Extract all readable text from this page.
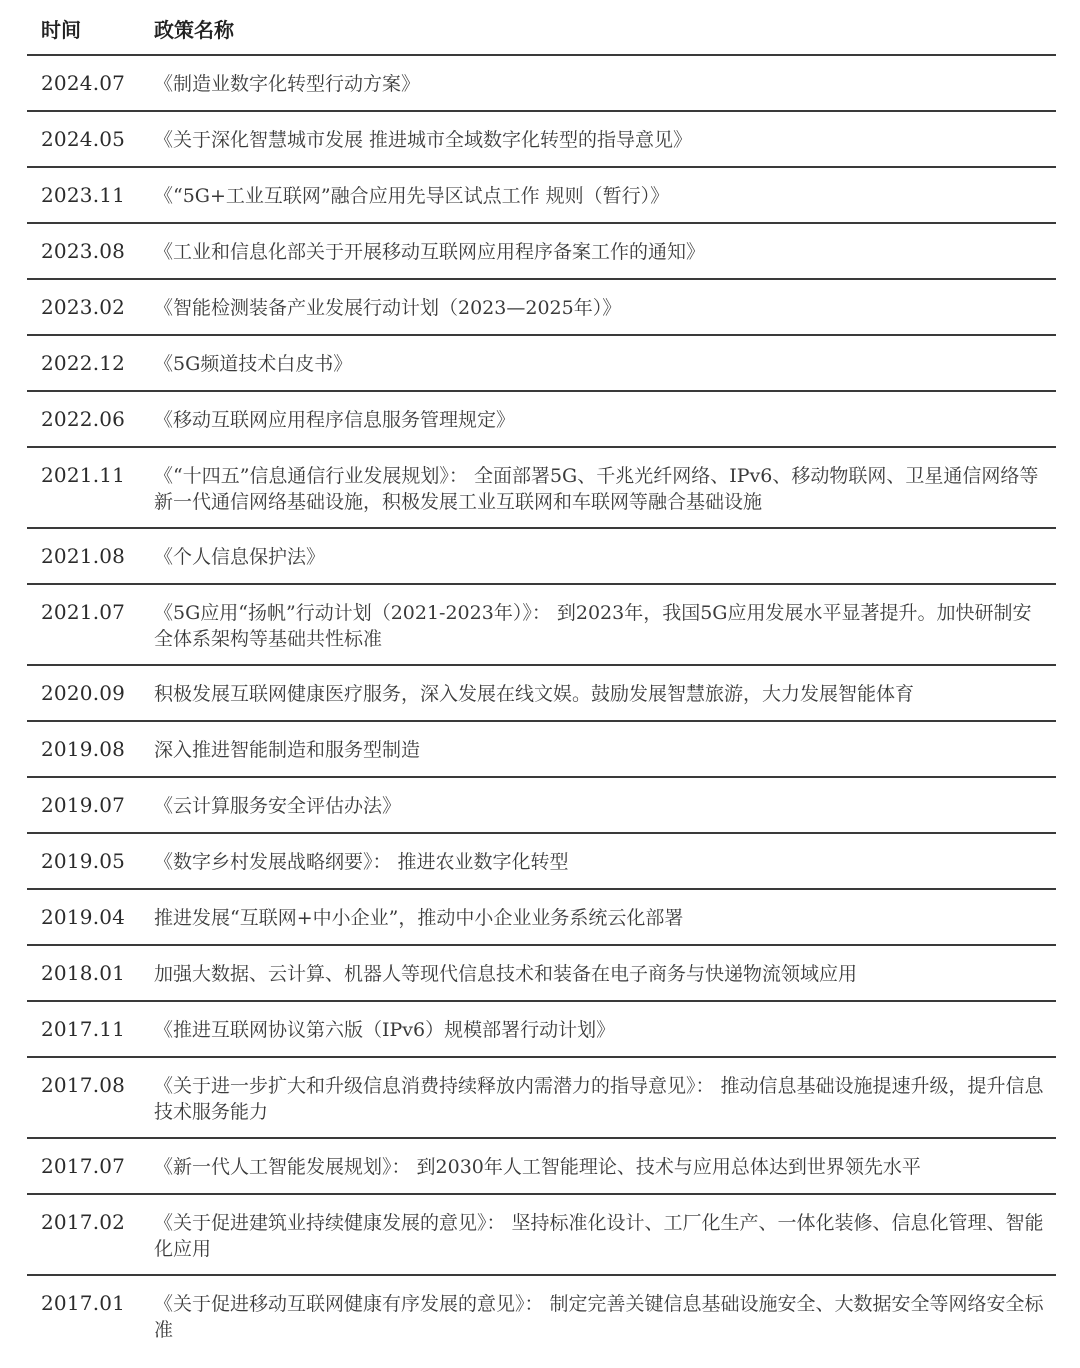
时间	政策名称
2024.07 《制造业数字化转型行动方案》
2024.05 《关于深化智慧城市发展 推进城市全域数字化转型的指导意见》
2023.11 《“5G+工业互联网”融合应用先导区试点工作 规则（暂行）》
2023.08 《工业和信息化部关于开展移动互联网应用程序备案工作的通知》
2023.02 《智能检测装备产业发展行动计划（2023—2025年）》
2022.12 《5G频道技术白皮书》
2022.06 《移动互联网应用程序信息服务管理规定》
2021.11 《“十四五”信息通信行业发展规划》： 全面部署5G、千兆光纤网络、IPv6、移动物联网、卫星通信网络等新一代通信网络基础设施，积极发展工业互联网和车联网等融合基础设施
2021.08 《个人信息保护法》
2021.07 《5G应用“扬帆”行动计划（2021-2023年）》： 到2023年，我国5G应用发展水平显著提升。加快研制安全体系架构等基础共性标准
2020.09 积极发展互联网健康医疗服务，深入发展在线文娱。鼓励发展智慧旅游，大力发展智能体育
2019.08 深入推进智能制造和服务型制造
2019.07 《云计算服务安全评估办法》
2019.05 《数字乡村发展战略纲要》： 推进农业数字化转型
2019.04 推进发展“互联网+中小企业”，推动中小企业业务系统云化部署
2018.01 加强大数据、云计算、机器人等现代信息技术和装备在电子商务与快递物流领域应用
2017.11 《推进互联网协议第六版（IPv6）规模部署行动计划》
2017.08 《关于进一步扩大和升级信息消费持续释放内需潜力的指导意见》： 推动信息基础设施提速升级，提升信息技术服务能力
2017.07 《新一代人工智能发展规划》： 到2030年人工智能理论、技术与应用总体达到世界领先水平
2017.02 《关于促进建筑业持续健康发展的意见》： 坚持标准化设计、工厂化生产、一体化装修、信息化管理、智能化应用
2017.01 《关于促进移动互联网健康有序发展的意见》： 制定完善关键信息基础设施安全、大数据安全等网络安全标准
